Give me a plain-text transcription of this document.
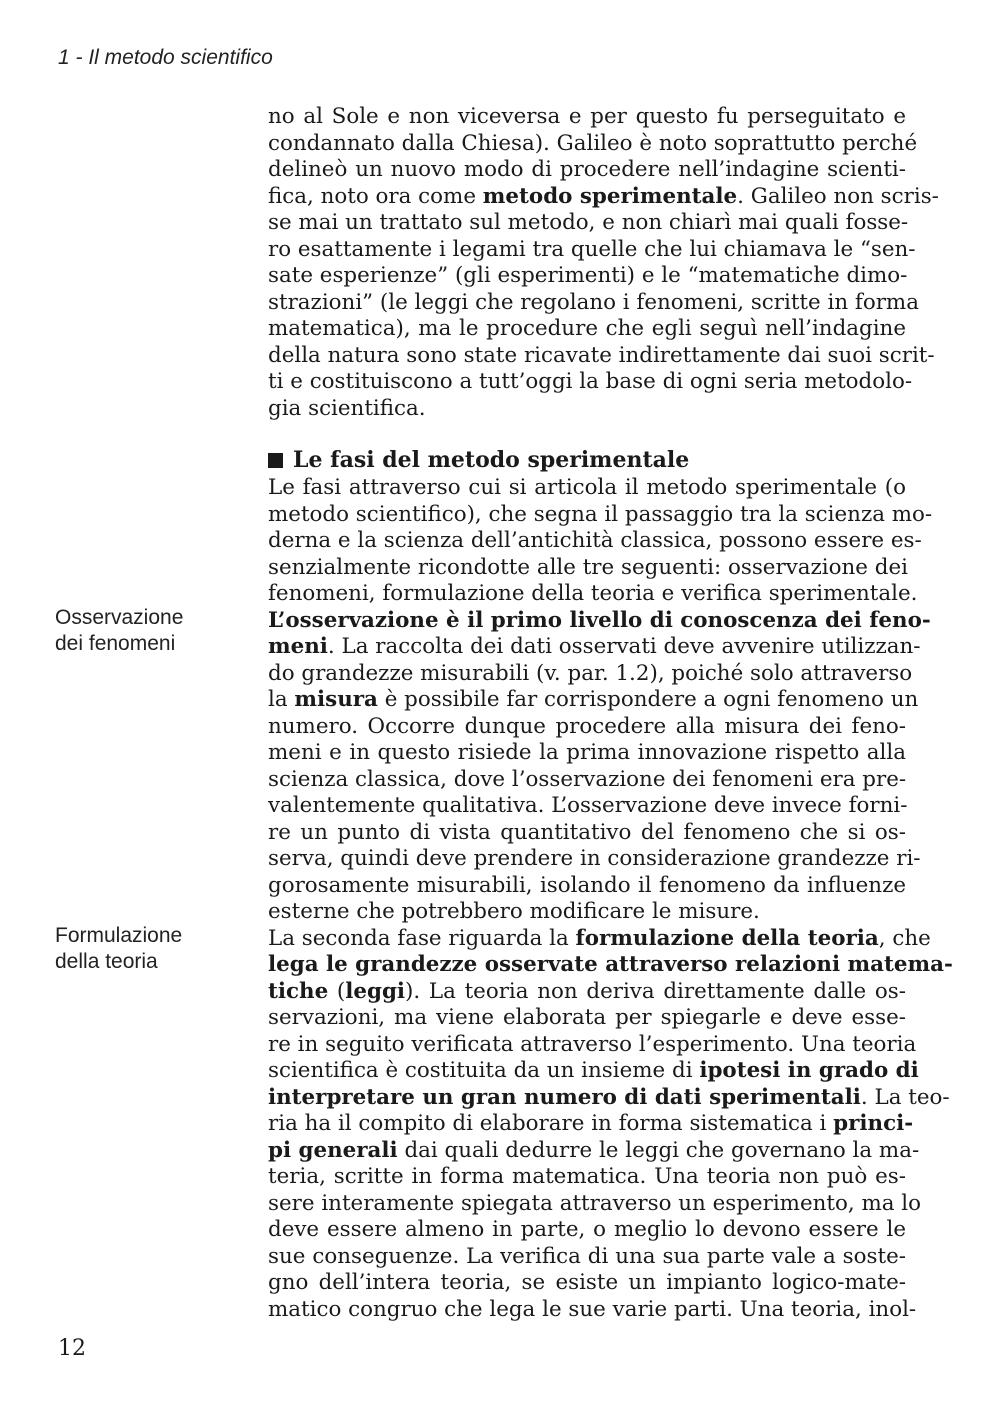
1 - Il metodo scientifico
no al Sole e non viceversa e per questo fu perseguitato e
condannato dalla Chiesa). Galileo è noto soprattutto perché
delineò un nuovo modo di procedere nell’indagine scienti-
fica, noto ora come metodo sperimentale. Galileo non scris-
se mai un trattato sul metodo, e non chiarì mai quali fosse-
ro esattamente i legami tra quelle che lui chiamava le “sen-
sate esperienze” (gli esperimenti) e le “matematiche dimo-
strazioni” (le leggi che regolano i fenomeni, scritte in forma
matematica), ma le procedure che egli seguì nell’indagine
della natura sono state ricavate indirettamente dai suoi scrit-
ti e costituiscono a tutt’oggi la base di ogni seria metodolo-
gia scientifica.
Le fasi del metodo sperimentale
Le fasi attraverso cui si articola il metodo sperimentale (o
metodo scientifico), che segna il passaggio tra la scienza mo-
derna e la scienza dell’antichità classica, possono essere es-
senzialmente ricondotte alle tre seguenti: osservazione dei
fenomeni, formulazione della teoria e verifica sperimentale.
L’osservazione è il primo livello di conoscenza dei feno-
meni. La raccolta dei dati osservati deve avvenire utilizzan-
do grandezze misurabili (v. par. 1.2), poiché solo attraverso
la misura è possibile far corrispondere a ogni fenomeno un
numero. Occorre dunque procedere alla misura dei feno-
meni e in questo risiede la prima innovazione rispetto alla
scienza classica, dove l’osservazione dei fenomeni era pre-
valentemente qualitativa. L’osservazione deve invece forni-
re un punto di vista quantitativo del fenomeno che si os-
serva, quindi deve prendere in considerazione grandezze ri-
gorosamente misurabili, isolando il fenomeno da influenze
esterne che potrebbero modificare le misure.
La seconda fase riguarda la formulazione della teoria, che
lega le grandezze osservate attraverso relazioni matema-
tiche (leggi). La teoria non deriva direttamente dalle os-
servazioni, ma viene elaborata per spiegarle e deve esse-
re in seguito verificata attraverso l’esperimento. Una teoria
scientifica è costituita da un insieme di ipotesi in grado di
interpretare un gran numero di dati sperimentali. La teo-
ria ha il compito di elaborare in forma sistematica i princi-
pi generali dai quali dedurre le leggi che governano la ma-
teria, scritte in forma matematica. Una teoria non può es-
sere interamente spiegata attraverso un esperimento, ma lo
deve essere almeno in parte, o meglio lo devono essere le
sue conseguenze. La verifica di una sua parte vale a soste-
gno dell’intera teoria, se esiste un impianto logico-mate-
matico congruo che lega le sue varie parti. Una teoria, inol-
Osservazione
dei fenomeni
Formulazione
della teoria
12
